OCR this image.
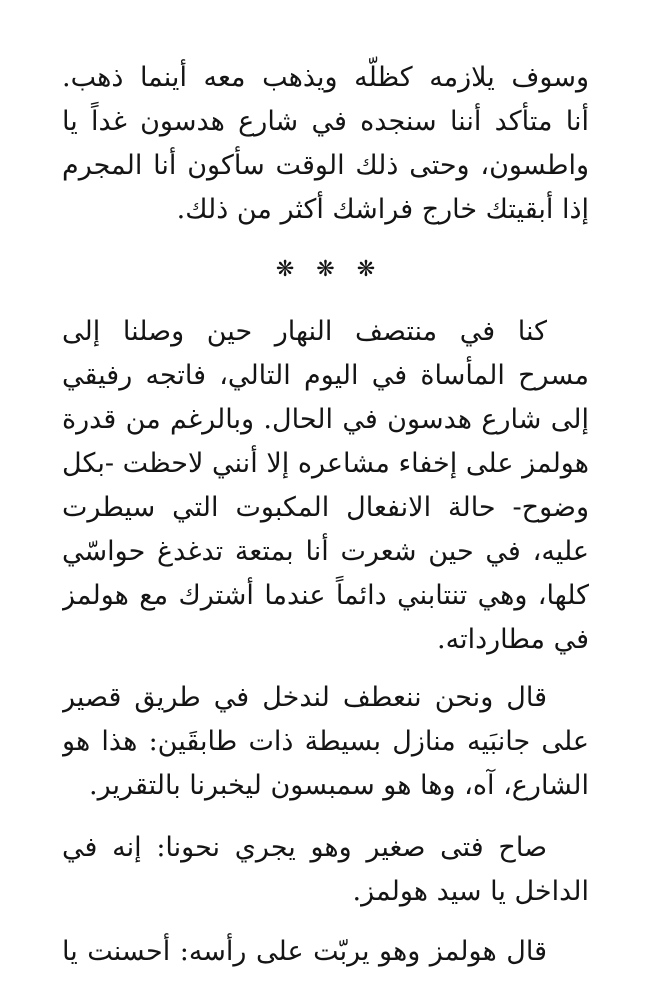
وسوف يلازمه كظلّه ويذهب معه أينما ذهب.
أنا متأكد أننا سنجده في شارع هدسون غداً يا
واطسون، وحتى ذلك الوقت سأكون أنا المجرم
إذا أبقيتك خارج فراشك أكثر من ذلك.
❋❋❋
كنا في منتصف النهار حين وصلنا إلى
مسرح المأساة في اليوم التالي، فاتجه رفيقي
إلى شارع هدسون في الحال. وبالرغم من قدرة
هولمز على إخفاء مشاعره إلا أنني لاحظت -بكل
وضوح- حالة الانفعال المكبوت التي سيطرت
عليه، في حين شعرت أنا بمتعة تدغدغ حواسّي
كلها، وهي تنتابني دائماً عندما أشترك مع هولمز
في مطارداته.
قال ونحن ننعطف لندخل في طريق قصير
على جانبَيه منازل بسيطة ذات طابقَين: هذا هو
الشارع، آه، وها هو سمبسون ليخبرنا بالتقرير.
صاح فتى صغير وهو يجري نحونا: إنه في
الداخل يا سيد هولمز.
قال هولمز وهو يربّت على رأسه: أحسنت يا
